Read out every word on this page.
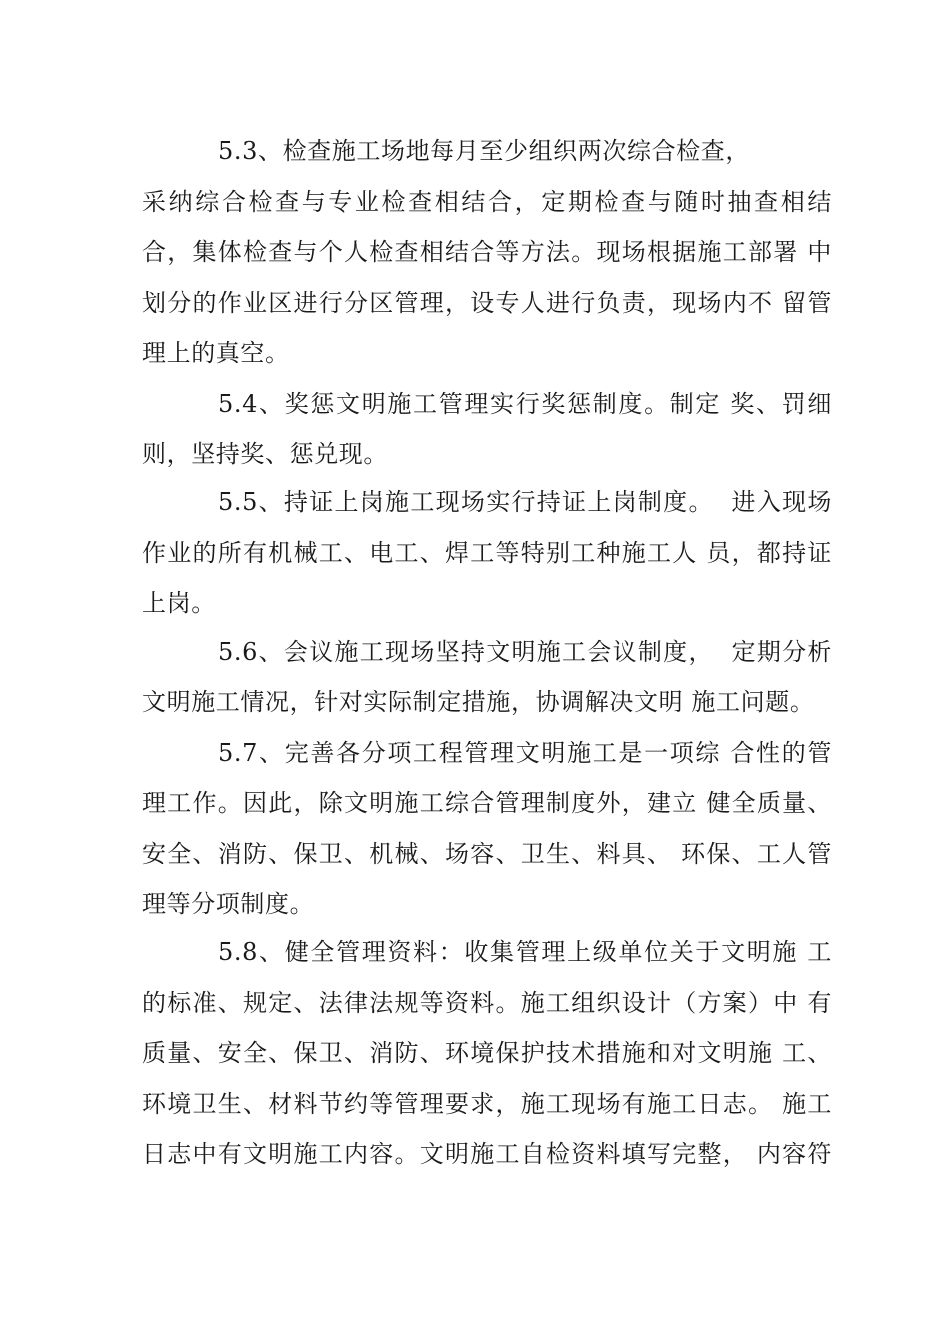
5.3、检查施工场地每月至少组织两次综合检查，
采纳综合检查与专业检查相结合，定期检查与随时抽查相结
合，集体检查与个人检查相结合等方法。现场根据施工部署 中
划分的作业区进行分区管理，设专人进行负责，现场内不 留管
理上的真空。
5.4、奖惩文明施工管理实行奖惩制度。制定 奖、罚细
则，坚持奖、惩兑现。
5.5、持证上岗施工现场实行持证上岗制度。  进入现场
作业的所有机械工、电工、焊工等特别工种施工人 员，都持证
上岗。
5.6、会议施工现场坚持文明施工会议制度，  定期分析
文明施工情况，针对实际制定措施，协调解决文明 施工问题。
5.7、完善各分项工程管理文明施工是一项综 合性的管
理工作。因此，除文明施工综合管理制度外，建立 健全质量、
安全、消防、保卫、机械、场容、卫生、料具、 环保、工人管
理等分项制度。
5.8、健全管理资料：收集管理上级单位关于文明施 工
的标准、规定、法律法规等资料。施工组织设计（方案）中 有
质量、安全、保卫、消防、环境保护技术措施和对文明施 工、
环境卫生、材料节约等管理要求，施工现场有施工日志。 施工
日志中有文明施工内容。文明施工自检资料填写完整， 内容符
